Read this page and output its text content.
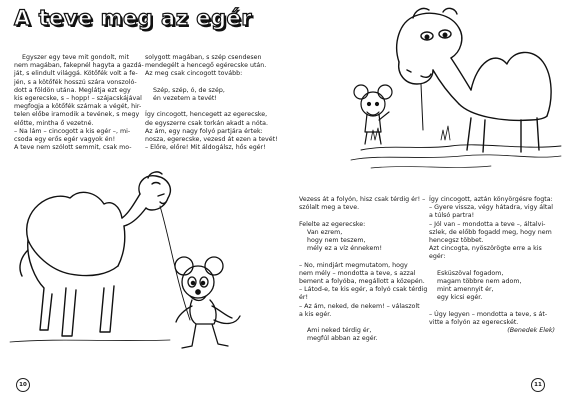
A teve meg az egér

Egyszer egy teve mit gondolt, mit

nem magában, fakepnél hagyta a gazdá-

ját, s elindult világgá. Kötőfék volt a fe-

jén, s a kötőfék hosszú szára vonszoló-

dott a földön utána. Meglátja ezt egy

kis egerecske, s – hopp! – szájacskájával

megfogja a kötőfék szárnak a végét, hir-

telen előbe iramodik a tevének, s megy

előtte, mintha ő vezetné.

– Na lám – cincogott a kis egér –, mi-

csoda egy erős egér vagyok én!

A teve nem szólott semmit, csak mo-

solygott magában, s szép csendesen

mendegélt a hencegő egérecske után.

Az meg csak cincogott tovább:

Szép, szép, ó, de szép,

én vezetem a tevét!

Így cincogott, hencegett az egerecske,

de egyszerre csak torkán akadt a nóta.

Az ám, egy nagy folyó partjára értek:

nosza, egerecske, vezesd át ezen a tevét!

– Előre, előre! Mit áldogálsz, hős egér!

10

Vezess át a folyón, hisz csak térdig ér! –

szólalt meg a teve.

Felelte az egerecske:

Van ezrem,

hogy nem teszem,

mély ez a víz énnekem!

– No, mindjárt megmutatom, hogy

nem mély – mondotta a teve, s azzal

bement a folyóba, megállott a közepén.

– Látod-e, te kis egér, a folyó csak térdig

ér!

– Az ám, neked, de nekem! – válaszolt

a kis egér.

Ami neked térdig ér,

megfúl abban az egér.

Így cincogott, aztán könyörgésre fogta:

– Gyere vissza, végy hátadra, vigy által

a túlsó partra!

– Jól van – mondotta a teve –, általvi-

szlek, de előbb fogadd meg, hogy nem

hencegsz többet.

Azt cincogta, nyöszörögte erre a kis

egér:

Esküszöval fogadom,

magam többre nem adom,

mint amennyit ér,

egy kicsi egér.

– Úgy legyen – mondotta a teve, s át-

vitte a folyón az egerecskét.

(Benedek Elek)

11
